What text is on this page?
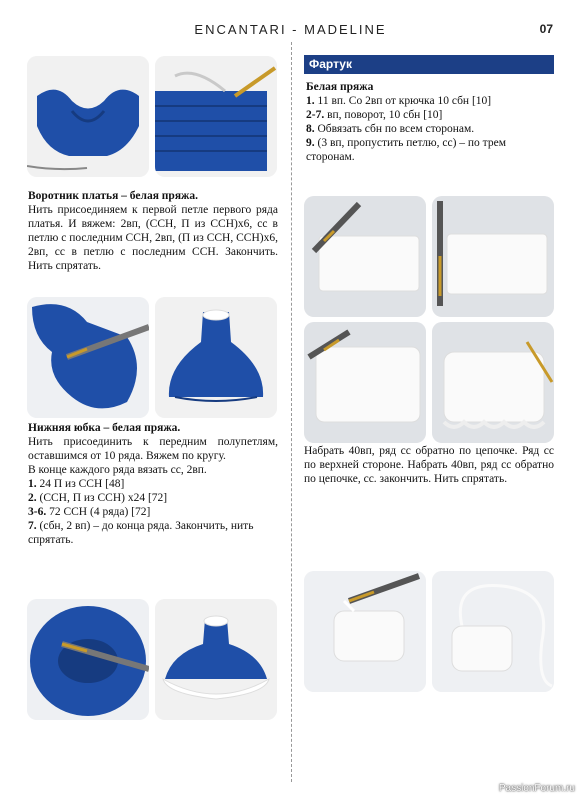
ENCANTARI - MADELINE	07

Воротник платья – белая пряжа.

Нить присоединяем к первой петле первого ряда платья. И вяжем: 2вп, (ССН, П из ССН)х6, сс в петлю с последним ССН, 2вп, (П из ССН, ССН)х6, 2вп, сс в петлю с последним ССН. Закончить. Нить спрятать.

Нижняя юбка – белая пряжа.

Нить присоединить к передним полупетлям, оставшимся от 10 ряда. Вяжем по кругу.

В конце каждого ряда вязать сс, 2вп.

1. 24 П из ССН [48]

2. (ССН, П из ССН) х24 [72]

3-6. 72 ССН (4 ряда) [72]

7. (сбн, 2 вп) – до конца ряда. Закончить, нить спрятать.

Фартук

Белая пряжа

1. 11 вп. Со 2вп от крючка 10 сбн [10]

2-7. вп, поворот, 10 сбн [10]

8. Обвязать сбн по всем сторонам.

9. (3 вп, пропустить петлю, сс) – по трем сторонам.

Набрать 40вп, ряд сс обратно по цепочке. Ряд сс по верхней стороне. Набрать 40вп, ряд сс обратно по цепочке, сс. закончить. Нить спрятать.
PassionForum.ru
